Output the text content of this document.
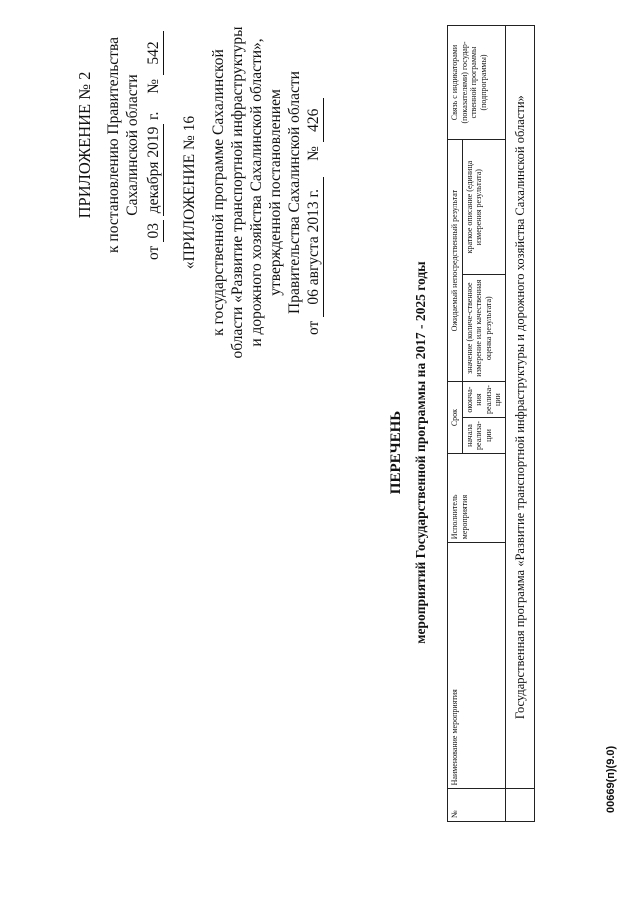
ПРИЛОЖЕНИЕ № 2 к постановлению Правительства Сахалинской области
от 03 декабря 2019 г. № 542
«ПРИЛОЖЕНИЕ № 16 к государственной программе Сахалинской области «Развитие транспортной инфраструктуры и дорожного хозяйства Сахалинской области», утвержденной постановлением Правительства Сахалинской области
от 06 августа 2013 г. № 426
ПЕРЕЧЕНЬ мероприятий Государственной программы на 2017 - 2025 годы
№	Наименование мероприятия	Исполнитель мероприятия	Срок		Ожидаемый непосредственный результат		Связь с индикаторами (показателями) государ-ственной программы (подпрограммы)
			начала реализа-ции	оконча-ния реализа-ции	значение (количе-ственное измерение или качественная оценка результата)	краткое описание (единица измерения результата)	
	Государственная программа «Развитие транспортной инфраструктуры и дорожного хозяйства Сахалинской области»						
00669(п)(9.0)
